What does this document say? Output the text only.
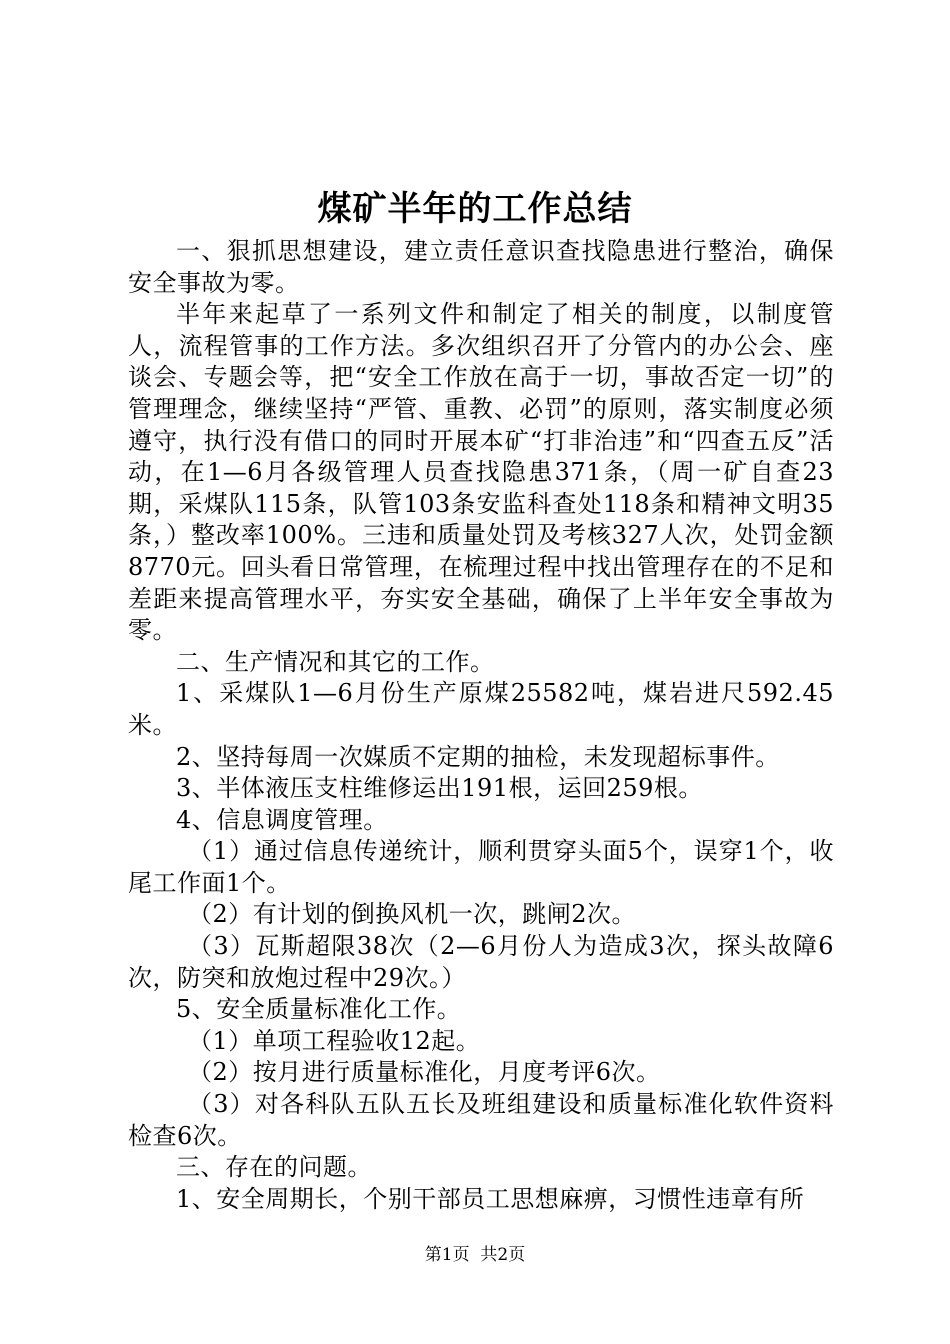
煤矿半年的工作总结

一、狠抓思想建设，建立责任意识查找隐患进行整治，确保安全事故为零。

半年来起草了一系列文件和制定了相关的制度，以制度管人，流程管事的工作方法。多次组织召开了分管内的办公会、座谈会、专题会等，把“安全工作放在高于一切，事故否定一切”的管理理念，继续坚持“严管、重教、必罚”的原则，落实制度必须遵守，执行没有借口的同时开展本矿“打非治违”和“四查五反”活动，在1—6月各级管理人员查找隐患371条，（周一矿自查23期，采煤队115条，队管103条安监科查处118条和精神文明35条，）整改率100%。三违和质量处罚及考核327人次，处罚金额8770元。回头看日常管理，在梳理过程中找出管理存在的不足和差距来提高管理水平，夯实安全基础，确保了上半年安全事故为零。

二、生产情况和其它的工作。

1、采煤队1—6月份生产原煤25582吨，煤岩进尺592.45米。

2、坚持每周一次媒质不定期的抽检，未发现超标事件。

3、半体液压支柱维修运出191根，运回259根。

4、信息调度管理。

（1）通过信息传递统计，顺利贯穿头面5个，误穿1个，收尾工作面1个。

（2）有计划的倒换风机一次，跳闸2次。

（3）瓦斯超限38次（2—6月份人为造成3次，探头故障6次，防突和放炮过程中29次。）

5、安全质量标准化工作。

（1）单项工程验收12起。

（2）按月进行质量标准化，月度考评6次。

（3）对各科队五队五长及班组建设和质量标准化软件资料检查6次。

三、存在的问题。

1、安全周期长，个别干部员工思想麻痹，习惯性违章有所

第1页 共2页
